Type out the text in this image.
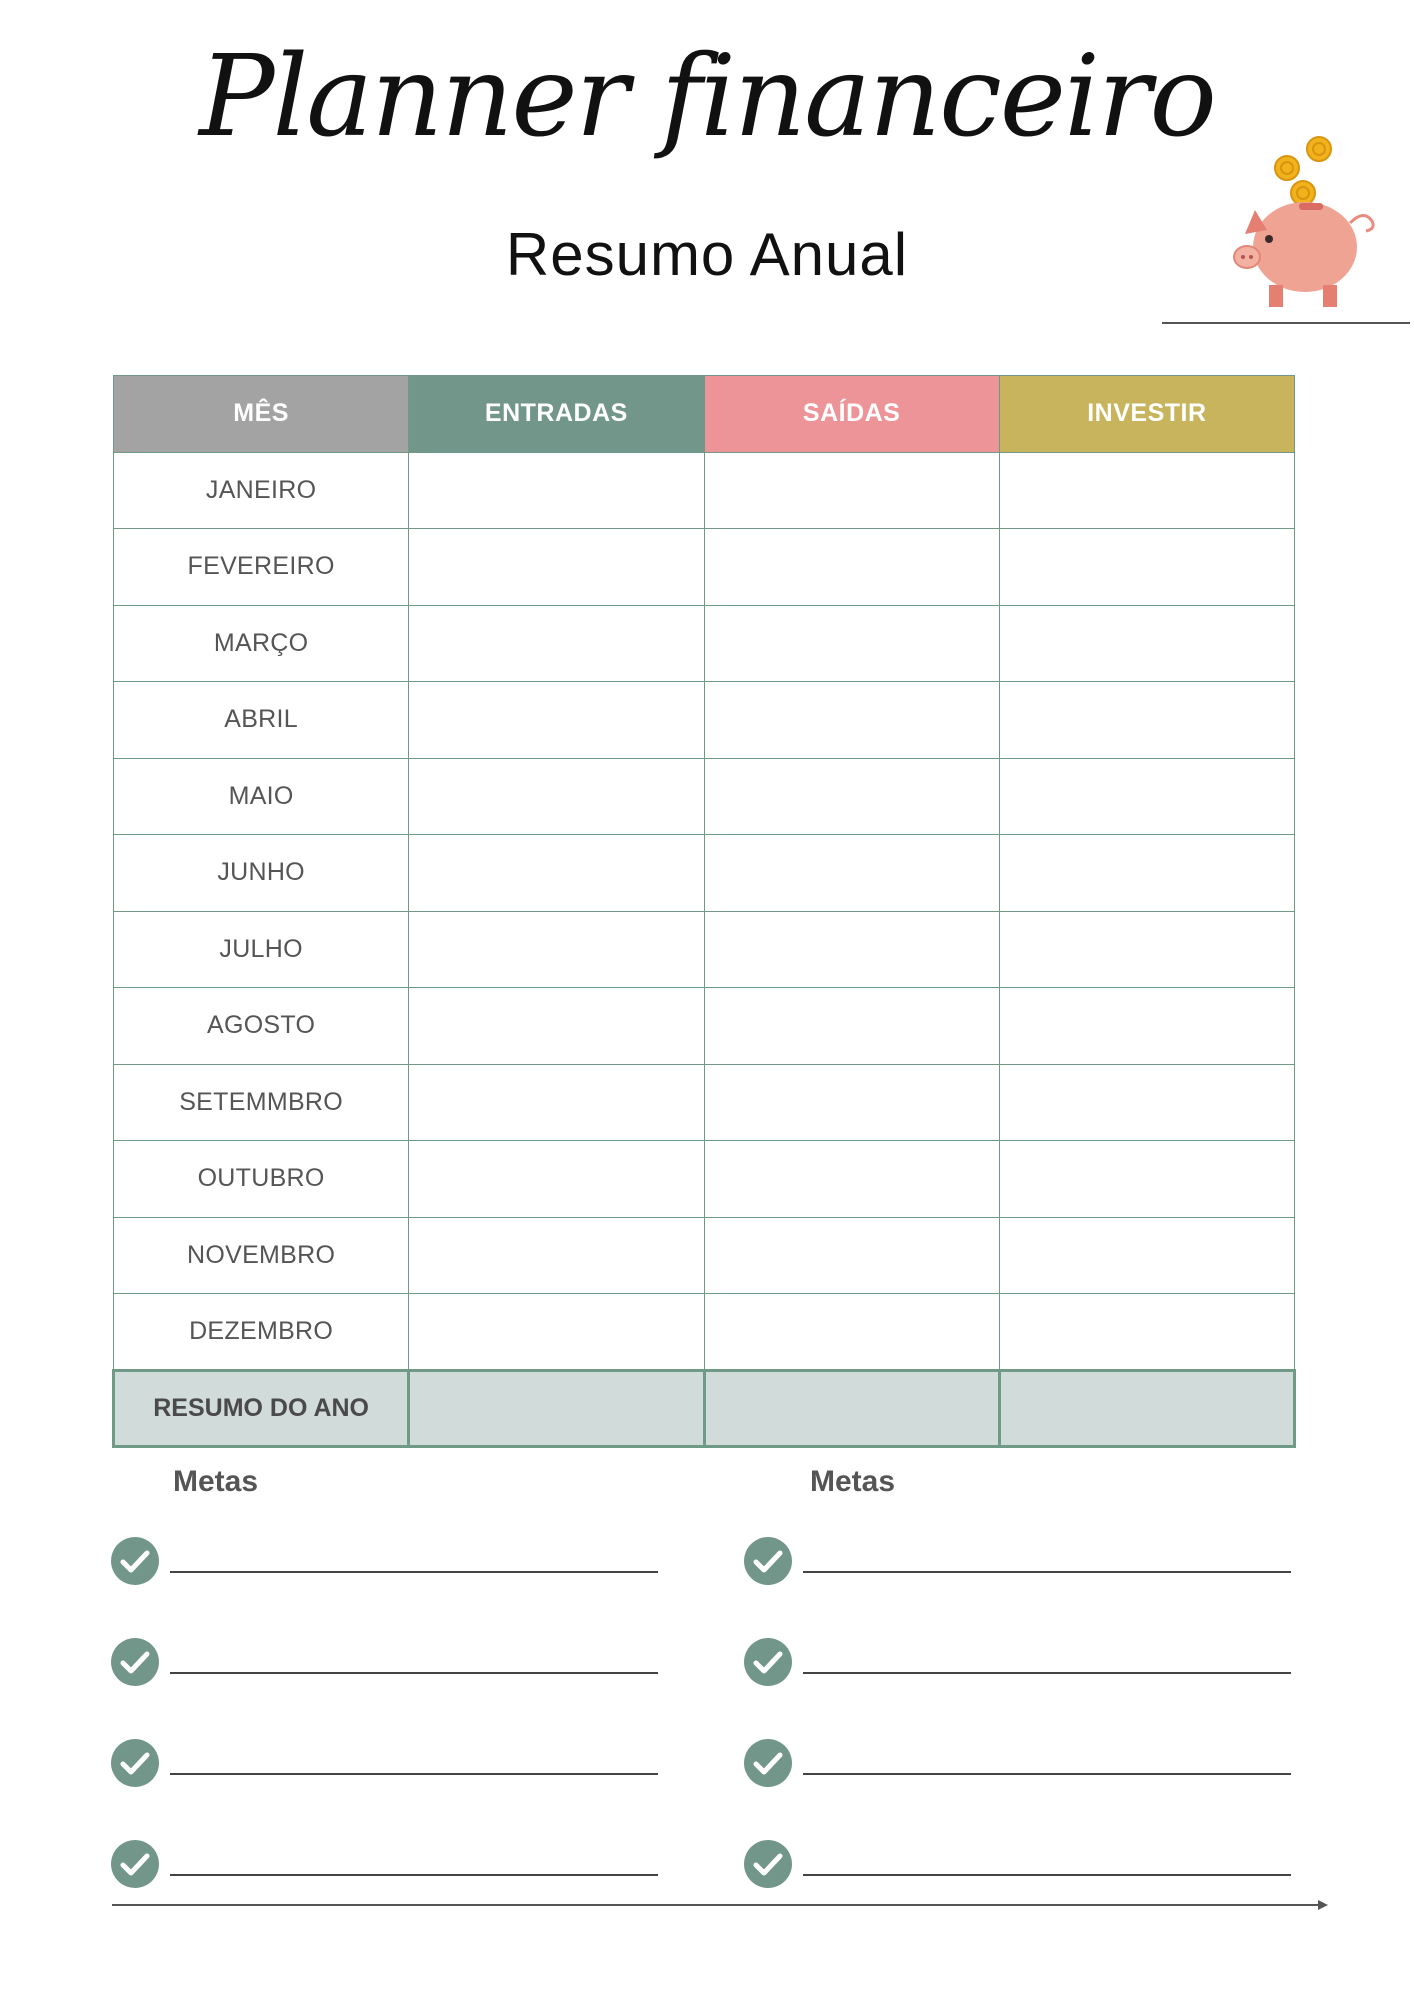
Planner financeiro
Resumo Anual
MÊS	ENTRADAS	SAÍDAS	INVESTIR
JANEIRO			
FEVEREIRO			
MARÇO			
ABRIL			
MAIO			
JUNHO			
JULHO			
AGOSTO			
SETEMMBRO			
OUTUBRO			
NOVEMBRO			
DEZEMBRO			
RESUMO DO ANO			
Metas	Metas
